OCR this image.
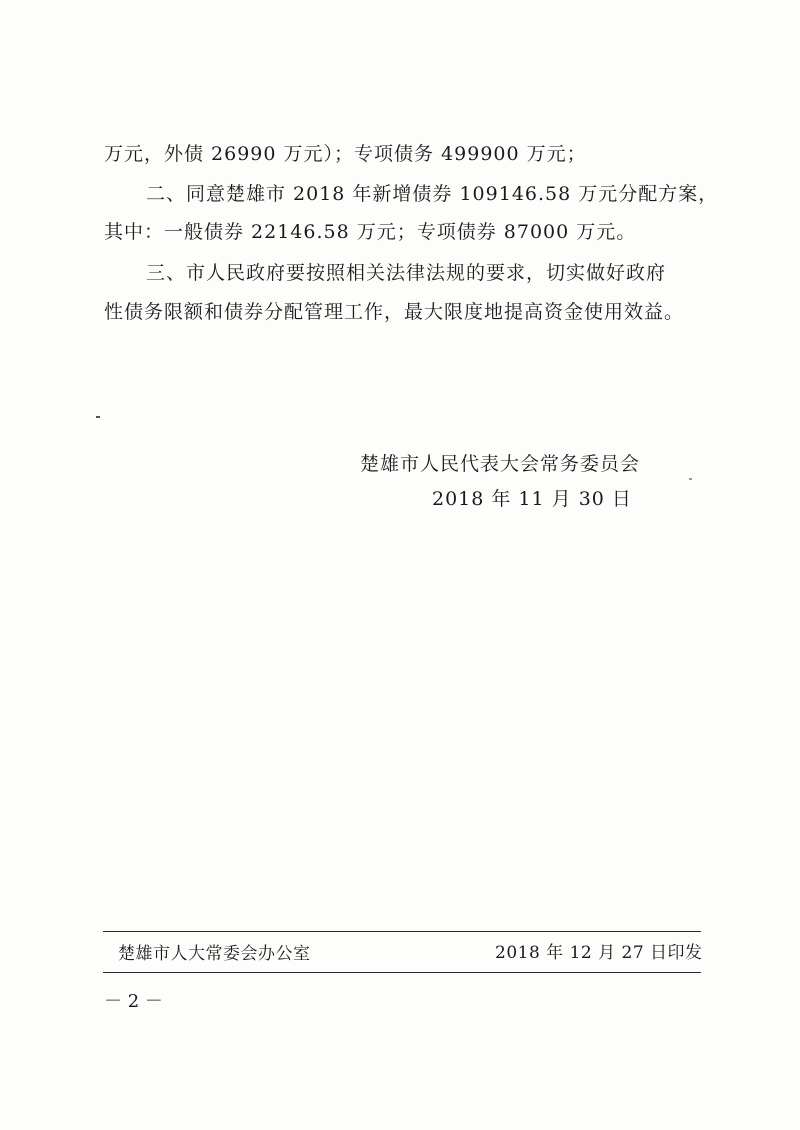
万元，外债 26990 万元）；专项债务 499900 万元；
二、同意楚雄市 2018 年新增债券 109146.58 万元分配方案，
其中：一般债券 22146.58 万元；专项债券 87000 万元。
三、市人民政府要按照相关法律法规的要求，切实做好政府
性债务限额和债券分配管理工作，最大限度地提高资金使用效益。
楚雄市人民代表大会常务委员会
2018 年 11 月 30 日
楚雄市人大常委会办公室	2018 年 12 月 27 日印发
－ 2 －
